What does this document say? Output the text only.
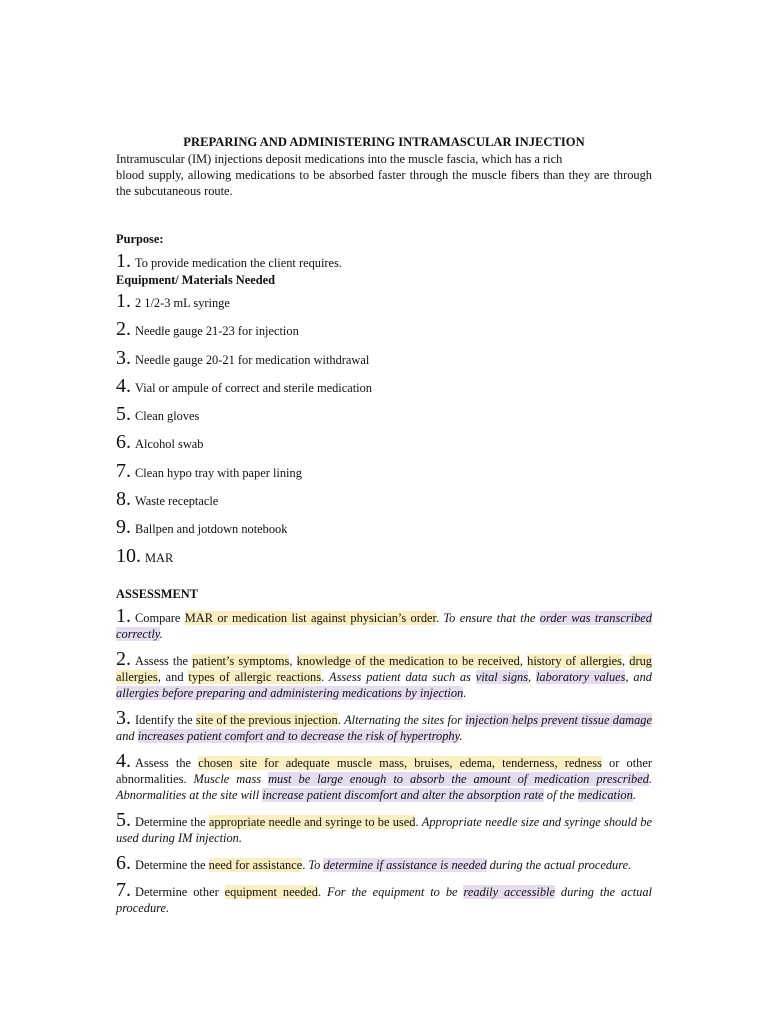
PREPARING AND ADMINISTERING INTRAMASCULAR INJECTION

Intramuscular (IM) injections deposit medications into the muscle fascia, which has a rich

blood supply, allowing medications to be absorbed faster through the muscle fibers than they are through the subcutaneous route.

Purpose:

1. To provide medication the client requires.

Equipment/ Materials Needed

1. 2 1/2-3 mL syringe

2. Needle gauge 21-23 for injection

3. Needle gauge 20-21 for medication withdrawal

4. Vial or ampule of correct and sterile medication

5. Clean gloves

6. Alcohol swab

7. Clean hypo tray with paper lining

8. Waste receptacle

9. Ballpen and jotdown notebook

10. MAR

ASSESSMENT

1. Compare MAR or medication list against physician’s order. To ensure that the order was transcribed correctly.

2. Assess the patient’s symptoms, knowledge of the medication to be received, history of allergies, drug allergies, and types of allergic reactions. Assess patient data such as vital signs, laboratory values, and allergies before preparing and administering medications by injection.

3. Identify the site of the previous injection. Alternating the sites for injection helps prevent tissue damage and increases patient comfort and to decrease the risk of hypertrophy.

4. Assess the chosen site for adequate muscle mass, bruises, edema, tenderness, redness or other abnormalities. Muscle mass must be large enough to absorb the amount of medication prescribed. Abnormalities at the site will increase patient discomfort and alter the absorption rate of the medication.

5. Determine the appropriate needle and syringe to be used. Appropriate needle size and syringe should be used during IM injection.

6. Determine the need for assistance. To determine if assistance is needed during the actual procedure.

7. Determine other equipment needed. For the equipment to be readily accessible during the actual procedure.
